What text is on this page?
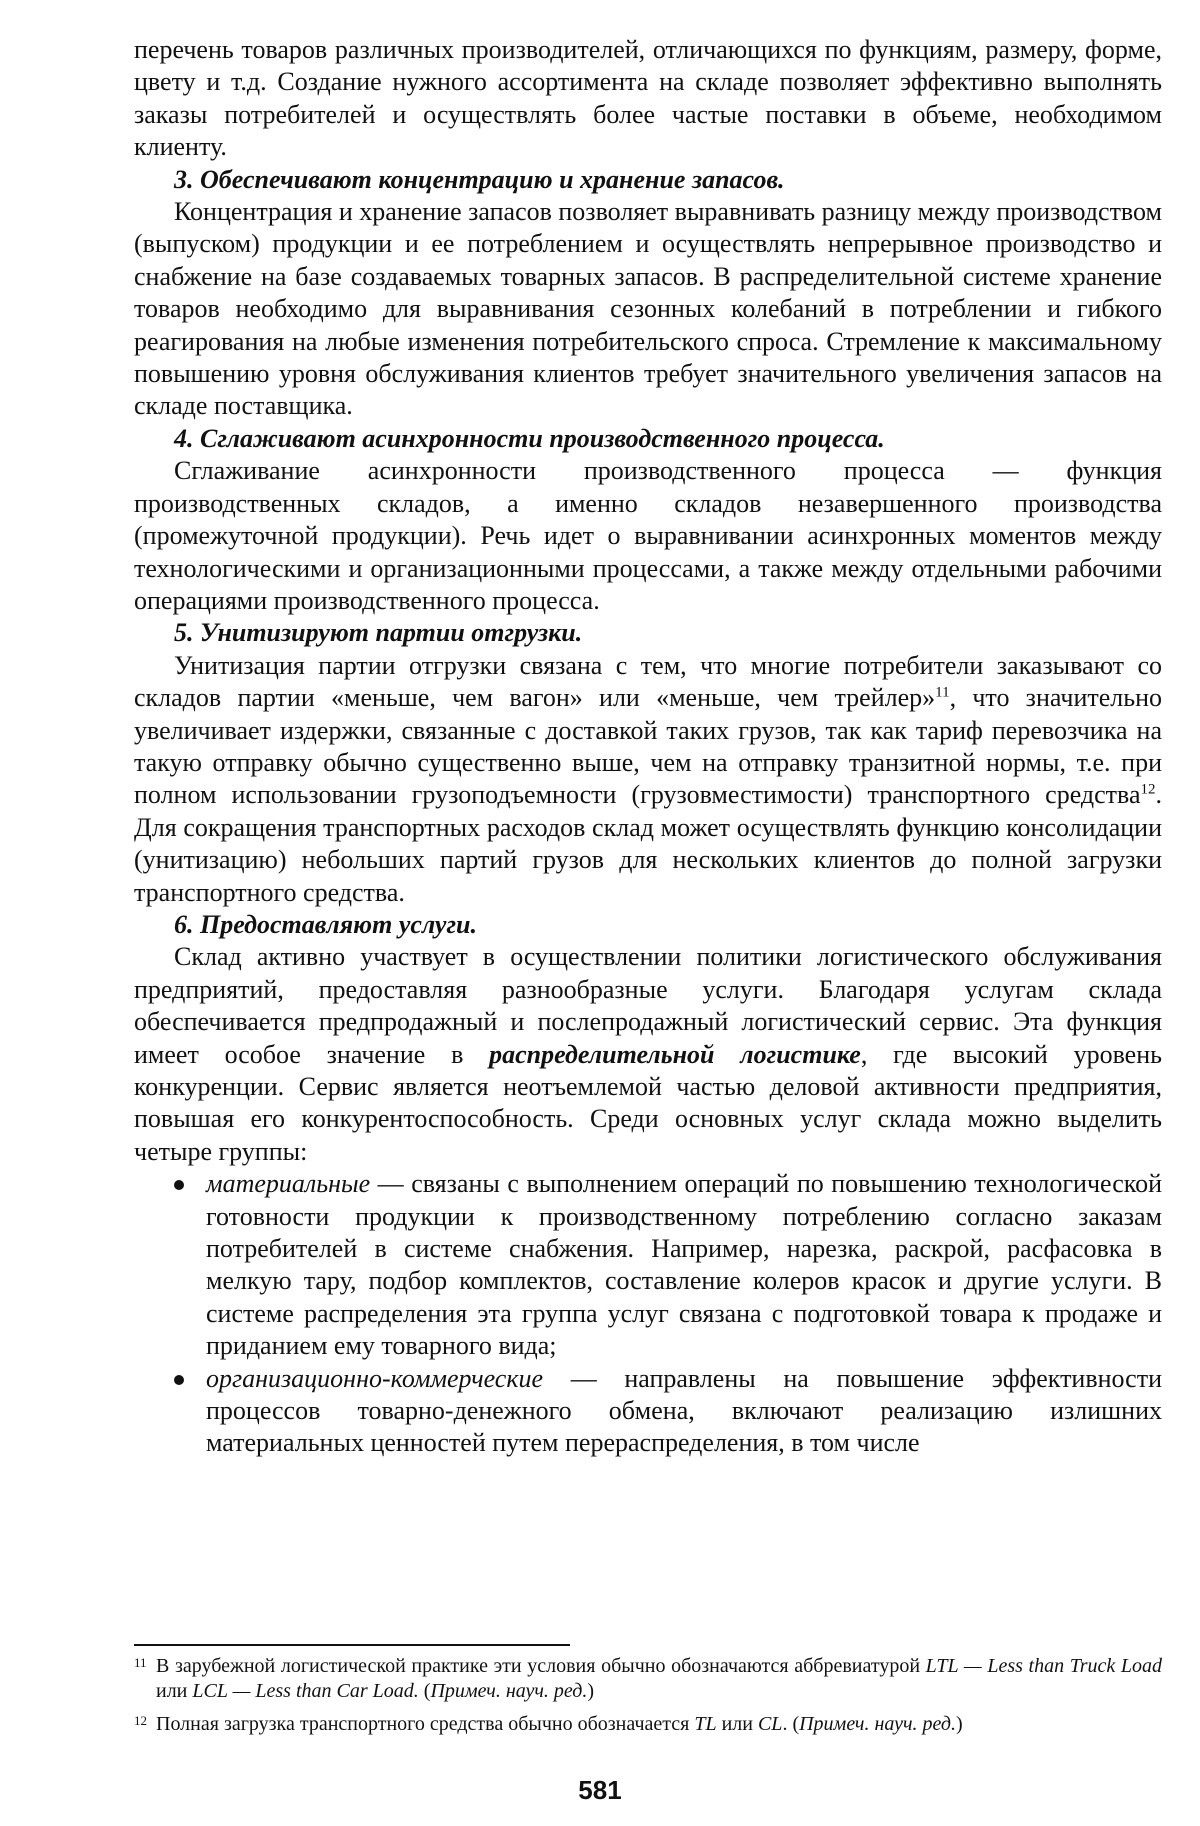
перечень товаров различных производителей, отличающихся по функциям, размеру, форме, цвету и т.д. Создание нужного ассортимента на складе позволяет эффективно выполнять заказы потребителей и осуществлять более частые поставки в объеме, необходимом клиенту.

3. Обеспечивают концентрацию и хранение запасов.

Концентрация и хранение запасов позволяет выравнивать разницу между производством (выпуском) продукции и ее потреблением и осуществлять непрерывное производство и снабжение на базе создаваемых товарных запасов. В распределительной системе хранение товаров необходимо для выравнивания сезонных колебаний в потреблении и гибкого реагирования на любые изменения потребительского спроса. Стремление к максимальному повышению уровня обслуживания клиентов требует значительного увеличения запасов на складе поставщика.

4. Сглаживают асинхронности производственного процесса.

Сглаживание асинхронности производственного процесса — функция производственных складов, а именно складов незавершенного производства (промежуточной продукции). Речь идет о выравнивании асинхронных моментов между технологическими и организационными процессами, а также между отдельными рабочими операциями производственного процесса.

5. Унитизируют партии отгрузки.

Унитизация партии отгрузки связана с тем, что многие потребители заказывают со складов партии «меньше, чем вагон» или «меньше, чем трейлер»$^{11}$, что значительно увеличивает издержки, связанные с доставкой таких грузов, так как тариф перевозчика на такую отправку обычно существенно выше, чем на отправку транзитной нормы, т.е. при полном использовании грузоподъемности (грузовместимости) транспортного средства$^{12}$. Для сокращения транспортных расходов склад может осуществлять функцию консолидации (унитизацию) небольших партий грузов для нескольких клиентов до полной загрузки транспортного средства.

6. Предоставляют услуги.

Склад активно участвует в осуществлении политики логистического обслуживания предприятий, предоставляя разнообразные услуги. Благодаря услугам склада обеспечивается предпродажный и послепродажный логистический сервис. Эта функция имеет особое значение в распределительной логистике, где высокий уровень конкуренции. Сервис является неотъемлемой частью деловой активности предприятия, повышая его конкурентоспособность. Среди основных услуг склада можно выделить четыре группы:

материальные — связаны с выполнением операций по повышению технологической готовности продукции к производственному потреблению согласно заказам потребителей в системе снабжения. Например, нарезка, раскрой, расфасовка в мелкую тару, подбор комплектов, составление колеров красок и другие услуги. В системе распределения эта группа услуг связана с подготовкой товара к продаже и приданием ему товарного вида;
организационно-коммерческие — направлены на повышение эффективности процессов товарно-денежного обмена, включают реализацию излишних материальных ценностей путем перераспределения, в том числе

11 В зарубежной логистической практике эти условия обычно обозначаются аббревиатурой LTL — Less than Truck Load или LCL — Less than Car Load. (Примеч. науч. ред.)

12 Полная загрузка транспортного средства обычно обозначается TL или CL. (Примеч. науч. ред.)

581
